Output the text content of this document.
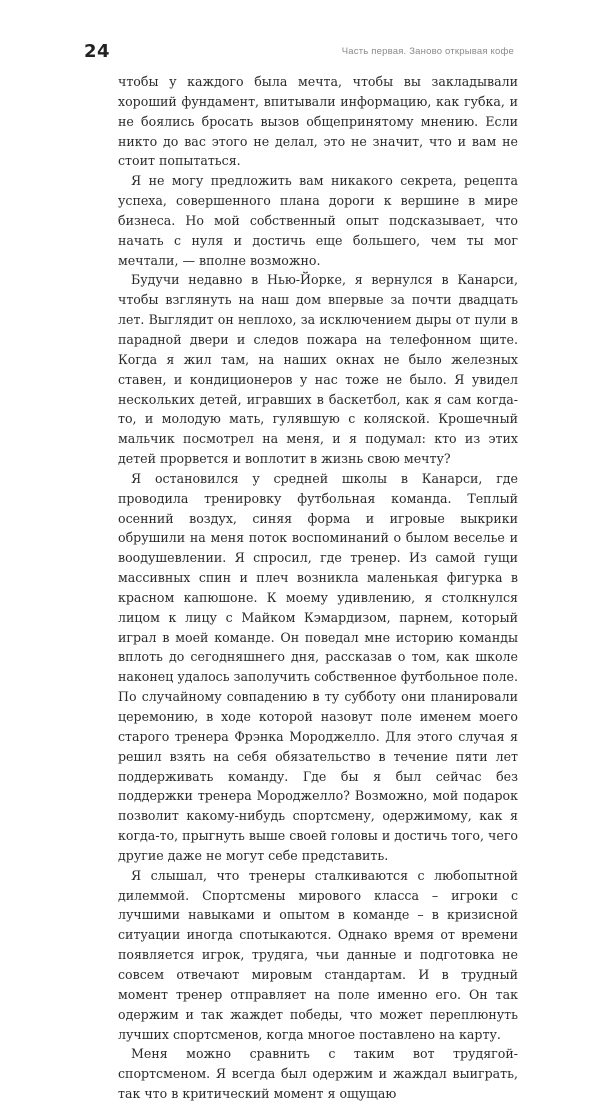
24	Часть первая. Заново открывая кофе

чтобы у каждого была мечта, чтобы вы закладывали хороший фундамент, впитывали информацию, как губка, и не боялись бросать вызов общепринятому мнению. Если никто до вас этого не делал, это не значит, что и вам не стоит попытаться.

Я не могу предложить вам никакого секрета, рецепта успеха, совершенного плана дороги к вершине в мире бизнеса. Но мой собственный опыт подсказывает, что начать с нуля и достичь еще большего, чем ты мог мечтали, — вполне возможно.

Будучи недавно в Нью-Йорке, я вернулся в Канарси, чтобы взглянуть на наш дом впервые за почти двадцать лет. Выглядит он неплохо, за исключением дыры от пули в парадной двери и следов пожара на телефонном щите. Когда я жил там, на наших окнах не было железных ставен, и кондиционеров у нас тоже не было. Я увидел нескольких детей, игравших в баскетбол, как я сам когда-то, и молодую мать, гулявшую с коляской. Крошечный мальчик посмотрел на меня, и я подумал: кто из этих детей прорвется и воплотит в жизнь свою мечту?

Я остановился у средней школы в Канарси, где проводила тренировку футбольная команда. Теплый осенний воздух, синяя форма и игровые выкрики обрушили на меня поток воспоминаний о былом веселье и воодушевлении. Я спросил, где тренер. Из самой гущи массивных спин и плеч возникла маленькая фигурка в красном капюшоне. К моему удивлению, я столкнулся лицом к лицу с Майком Кэмардизом, парнем, который играл в моей команде. Он поведал мне историю команды вплоть до сегодняшнего дня, рассказав о том, как школе наконец удалось заполучить собственное футбольное поле. По случайному совпадению в ту субботу они планировали церемонию, в ходе которой назовут поле именем моего старого тренера Фрэнка Мороджелло. Для этого случая я решил взять на себя обязательство в течение пяти лет поддерживать команду. Где бы я был сейчас без поддержки тренера Мороджелло? Возможно, мой подарок позволит какому-нибудь спортсмену, одержимому, как я когда-то, прыгнуть выше своей головы и достичь того, чего другие даже не могут себе представить.

Я слышал, что тренеры сталкиваются с любопытной дилеммой. Спортсмены мирового класса – игроки с лучшими навыками и опытом в команде – в кризисной ситуации иногда спотыкаются. Однако время от времени появляется игрок, трудяга, чьи данные и подготовка не совсем отвечают мировым стандартам. И в трудный момент тренер отправляет на поле именно его. Он так одержим и так жаждет победы, что может переплюнуть лучших спортсменов, когда многое поставлено на карту.

Меня можно сравнить с таким вот трудягой-спортсменом. Я всегда был одержим и жаждал выиграть, так что в критический момент я ощущаю
